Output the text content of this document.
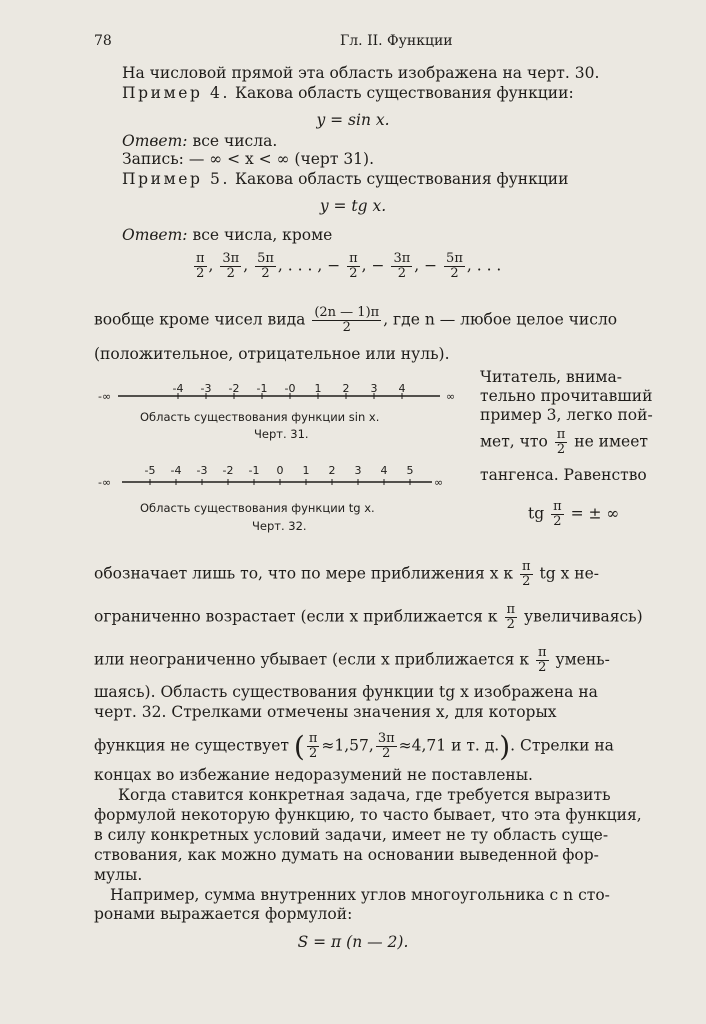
78	Гл. II. Функции
На числовой прямой эта область изображена на черт. 30.
Пример 4. Какова область существования функции:
y = sin x.
Ответ: все числа.
Запись: — ∞ < x < ∞ (черт 31).
Пример 5. Какова область существования функции
y = tg x.
Ответ: все числа, кроме
$\frac{\pi}{2}$ , $\frac{3\pi}{2}$ , $\frac{5\pi}{2}$ , . . . , − $\frac{\pi}{2}$ , − $\frac{3\pi}{2}$ , − $\frac{5\pi}{2}$ , . . .
вообще кроме чисел вида $\frac{(2n — 1)\pi}{2}$ , где n — любое целое число
(положительное, отрицательное или нуль).
Читатель, внима-
тельно прочитавший
пример 3, легко пой-
мет, что $\frac{\pi}{2}$ не имеет
тангенса. Равенство
tg $\frac{\pi}{2}$ = ± ∞
-∞	∞
-4 -3 -2 -1 -0 1 2 3 4
Область существования функции sin x.
Черт. 31.
-∞	∞
-5 -4 -3 -2 -1 0 1 2 3 4 5
Область существования функции tg x.
Черт. 32.
обозначает лишь то, что по мере приближения x к $\frac{\pi}{2}$ tg x не-
ограниченно возрастает (если x приближается к $\frac{\pi}{2}$ увеличиваясь)
или неограниченно убывает (если x приближается к $\frac{\pi}{2}$ умень-
шаясь). Область существования функции tg x изображена на
черт. 32. Стрелками отмечены значения x, для которых
функция не существует ( $\frac{\pi}{2} \approx 1,57$, $\frac{3\pi}{2} \approx 4,71$ и т. д.). Стрелки на
концах во избежание недоразумений не поставлены.
Когда ставится конкретная задача, где требуется выразить
формулой некоторую функцию, то часто бывает, что эта функция,
в силу конкретных условий задачи, имеет не ту область суще-
ствования, как можно думать на основании выведенной фор-
мулы.
Например, сумма внутренних углов многоугольника с n сто-
ронами выражается формулой:
S = π (n — 2).
